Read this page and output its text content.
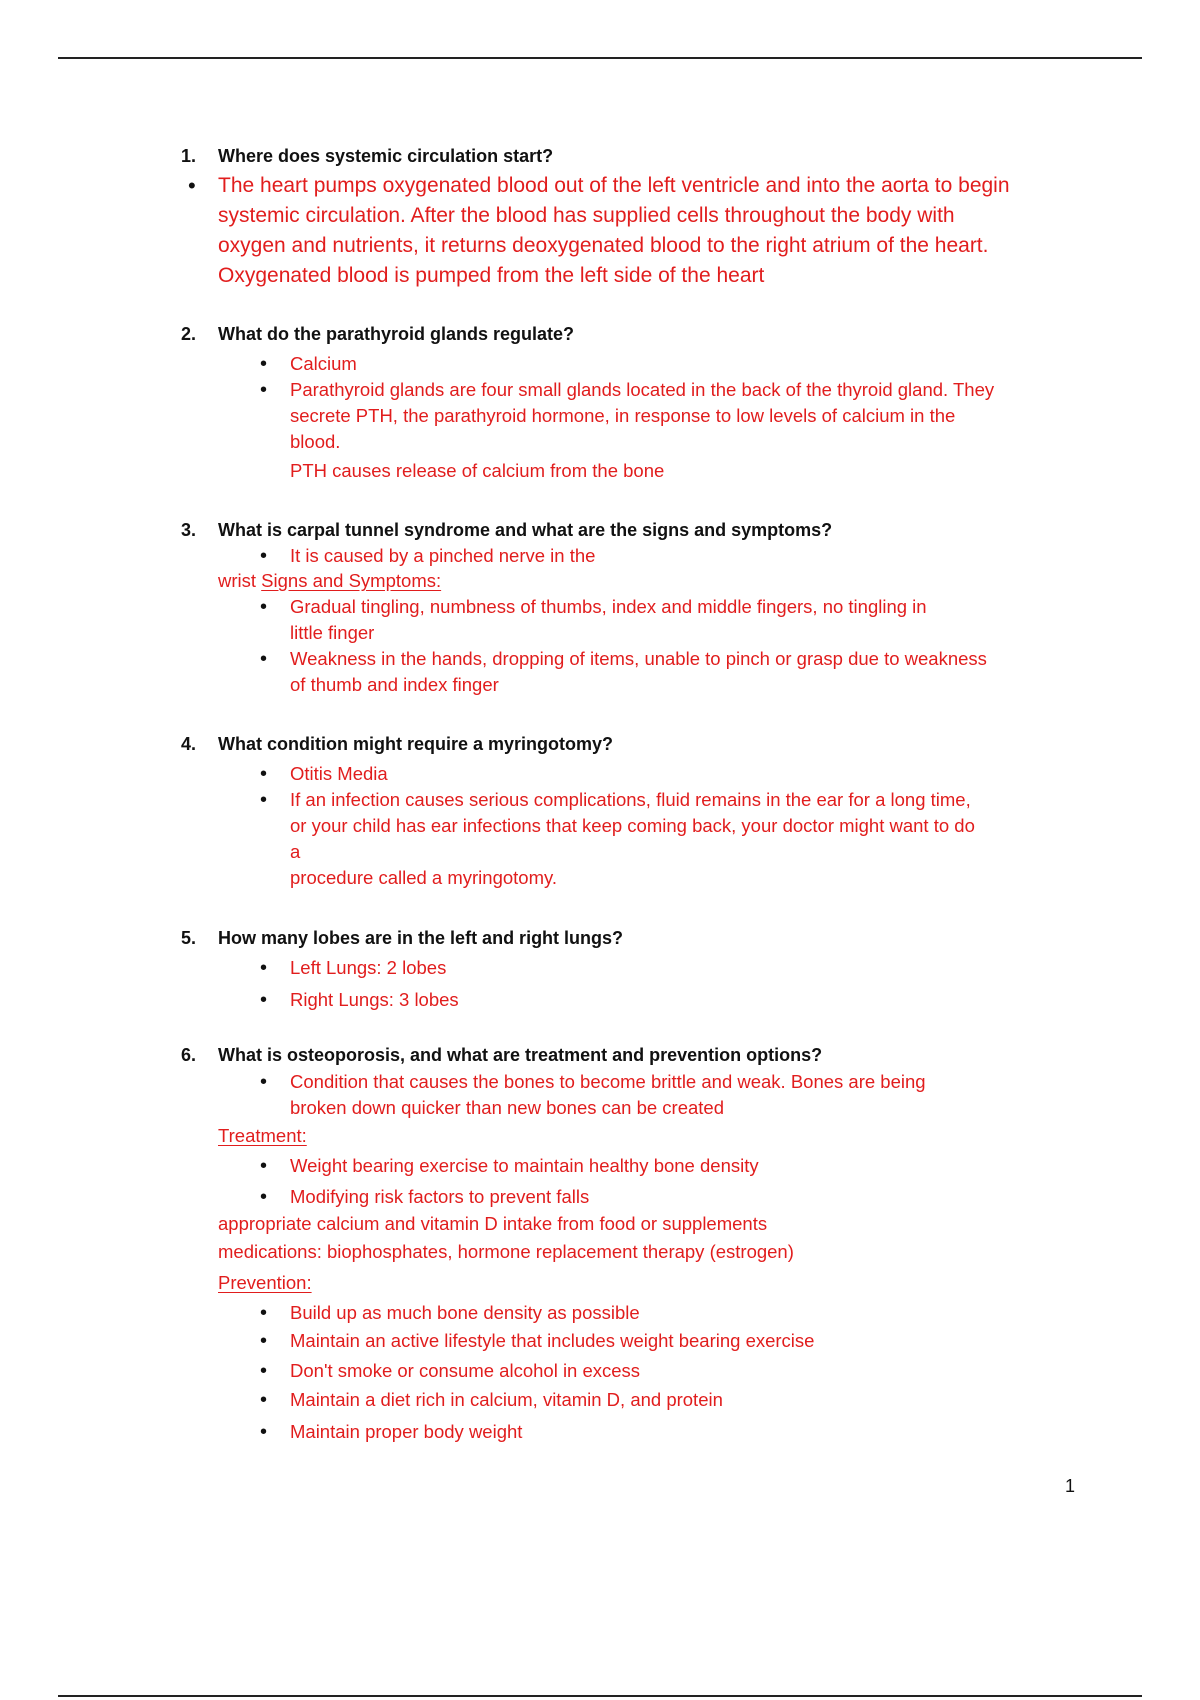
1. Where does systemic circulation start?
• The heart pumps oxygenated blood out of the left ventricle and into the aorta to begin
systemic circulation. After the blood has supplied cells throughout the body with
oxygen and nutrients, it returns deoxygenated blood to the right atrium of the heart.
Oxygenated blood is pumped from the left side of the heart
2. What do the parathyroid glands regulate?
• Calcium
• Parathyroid glands are four small glands located in the back of the thyroid gland. They
secrete PTH, the parathyroid hormone, in response to low levels of calcium in the
blood.
PTH causes release of calcium from the bone
3. What is carpal tunnel syndrome and what are the signs and symptoms?
• It is caused by a pinched nerve in the
wrist Signs and Symptoms:
• Gradual tingling, numbness of thumbs, index and middle fingers, no tingling in
little finger
• Weakness in the hands, dropping of items, unable to pinch or grasp due to weakness
of thumb and index finger
4. What condition might require a myringotomy?
• Otitis Media
• If an infection causes serious complications, fluid remains in the ear for a long time,
or your child has ear infections that keep coming back, your doctor might want to do
a
procedure called a myringotomy.
5. How many lobes are in the left and right lungs?
• Left Lungs: 2 lobes
• Right Lungs: 3 lobes
6. What is osteoporosis, and what are treatment and prevention options?
• Condition that causes the bones to become brittle and weak. Bones are being
broken down quicker than new bones can be created
Treatment:
• Weight bearing exercise to maintain healthy bone density
• Modifying risk factors to prevent falls
appropriate calcium and vitamin D intake from food or supplements
medications: biophosphates, hormone replacement therapy (estrogen)
Prevention:
• Build up as much bone density as possible
• Maintain an active lifestyle that includes weight bearing exercise
• Don't smoke or consume alcohol in excess
• Maintain a diet rich in calcium, vitamin D, and protein
• Maintain proper body weight
1
